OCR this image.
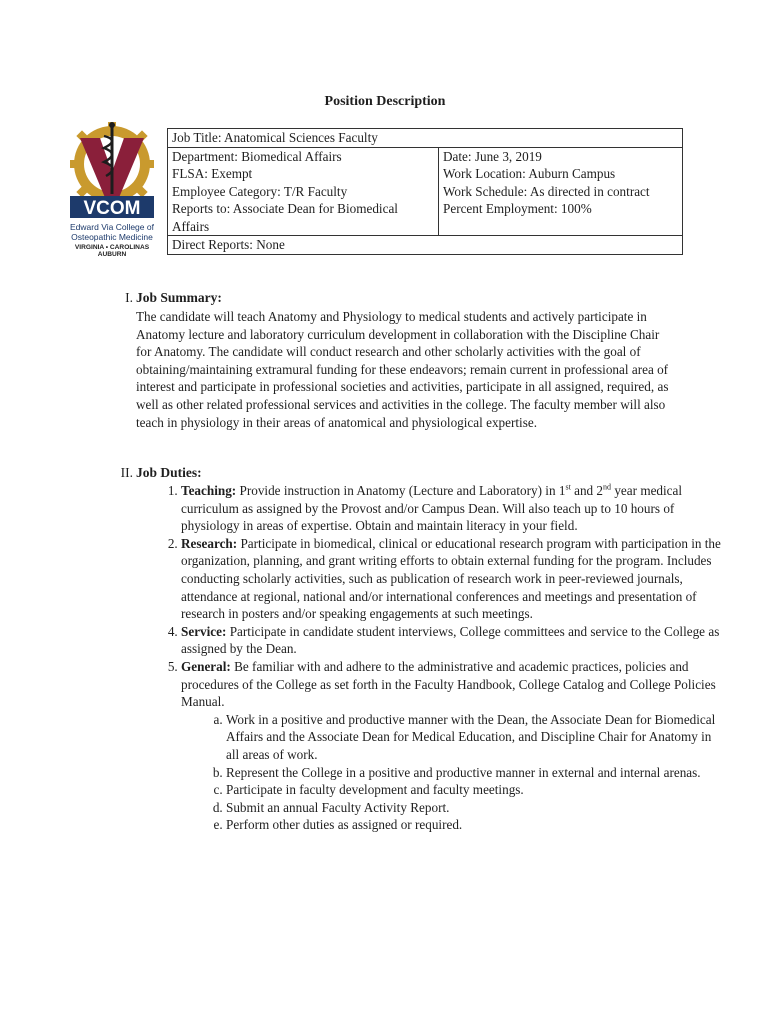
Position Description
VCOM
Edward Via College of
Osteopathic Medicine
VIRGINIA • CAROLINAS
AUBURN
Job Title: Anatomical Sciences Faculty	
Department: Biomedical Affairs	Date: June 3, 2019
FLSA: Exempt	Work Location: Auburn Campus
Employee Category: T/R Faculty	Work Schedule: As directed in contract
Reports to: Associate Dean for Biomedical
Affairs	Percent Employment: 100%
Direct Reports: None	
I. Job Summary:
The candidate will teach Anatomy and Physiology to medical students and actively participate in Anatomy lecture and laboratory curriculum development in collaboration with the Discipline Chair for Anatomy. The candidate will conduct research and other scholarly activities with the goal of obtaining/maintaining extramural funding for these endeavors; remain current in professional area of interest and participate in professional societies and activities, participate in all assigned, required, as well as other related professional services and activities in the college. The faculty member will also teach in physiology in their areas of anatomical and physiological expertise.
II. Job Duties:
1. Teaching: Provide instruction in Anatomy (Lecture and Laboratory) in 1st and 2nd year medical curriculum as assigned by the Provost and/or Campus Dean. Will also teach up to 10 hours of physiology in areas of expertise. Obtain and maintain literacy in your field.
2. Research: Participate in biomedical, clinical or educational research program with participation in the organization, planning, and grant writing efforts to obtain external funding for the program. Includes conducting scholarly activities, such as publication of research work in peer-reviewed journals, attendance at regional, national and/or international conferences and meetings and presentation of research in posters and/or speaking engagements at such meetings.
4. Service: Participate in candidate student interviews, College committees and service to the College as assigned by the Dean.
5. General: Be familiar with and adhere to the administrative and academic practices, policies and procedures of the College as set forth in the Faculty Handbook, College Catalog and College Policies Manual.
a. Work in a positive and productive manner with the Dean, the Associate Dean for Biomedical Affairs and the Associate Dean for Medical Education, and Discipline Chair for Anatomy in all areas of work.
b. Represent the College in a positive and productive manner in external and internal arenas.
c. Participate in faculty development and faculty meetings.
d. Submit an annual Faculty Activity Report.
e. Perform other duties as assigned or required.
